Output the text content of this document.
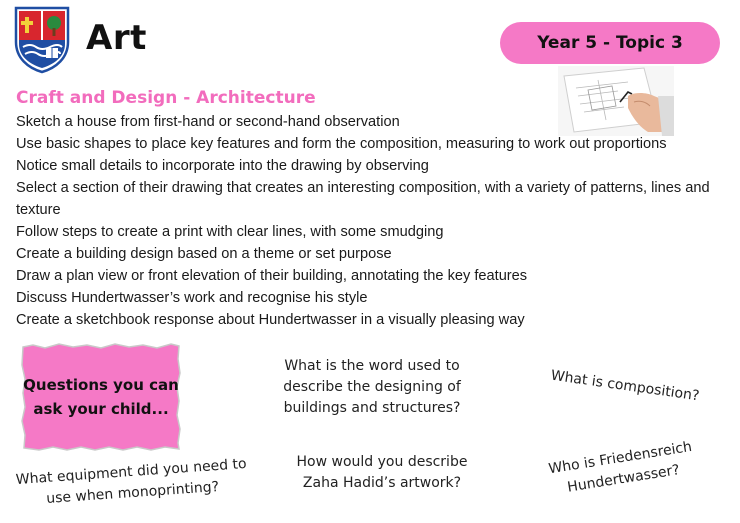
Art	Year 5 - Topic 3
Craft and Design - Architecture
Sketch a house from first-hand or second-hand observation
Use basic shapes to place key features and form the composition, measuring to work out proportions
Notice small details to incorporate into the drawing by observing
Select a section of their drawing that creates an interesting composition, with a variety of patterns, lines and texture
Follow steps to create a print with clear lines, with some smudging
Create a building design based on a theme or set purpose
Draw a plan view or front elevation of their building, annotating the key features
Discuss Hundertwasser’s work and recognise his style
Create a sketchbook response about Hundertwasser in a visually pleasing way
Questions you can ask your child...
What is the word used to describe the designing of buildings and structures?
What is composition?
What equipment did you need to use when monoprinting?
How would you describe Zaha Hadid’s artwork?
Who is Friedensreich Hundertwasser?
